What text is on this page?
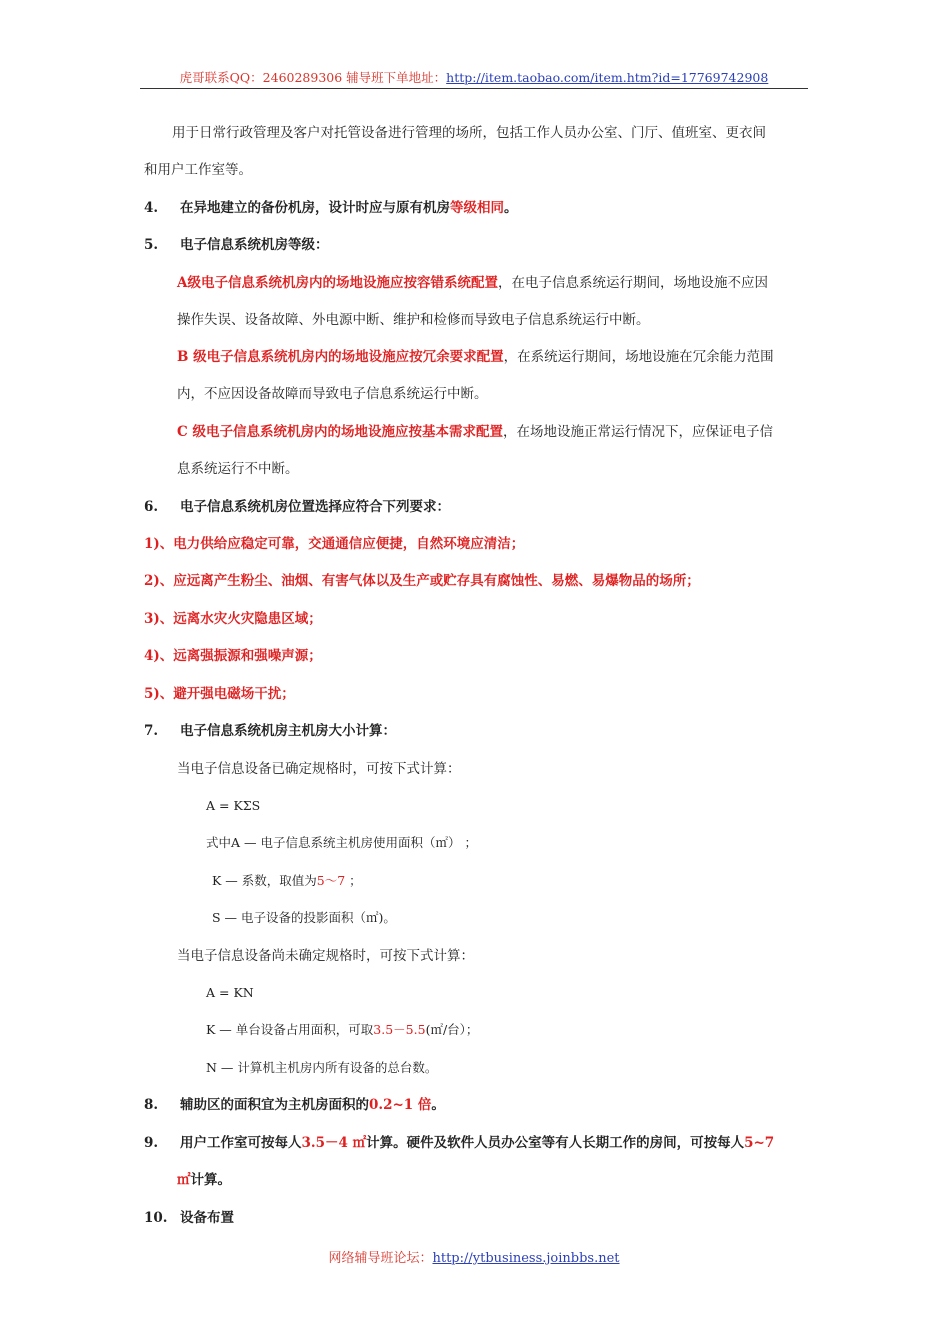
虎哥联系QQ：2460289306 辅导班下单地址：http://item.taobao.com/item.htm?id=17769742908
用于日常行政管理及客户对托管设备进行管理的场所，包括工作人员办公室、门厅、值班室、更衣间
和用户工作室等。
4. 在异地建立的备份机房，设计时应与原有机房等级相同。
5. 电子信息系统机房等级：
A级电子信息系统机房内的场地设施应按容错系统配置，在电子信息系统运行期间，场地设施不应因
操作失误、设备故障、外电源中断、维护和检修而导致电子信息系统运行中断。
B 级电子信息系统机房内的场地设施应按冗余要求配置，在系统运行期间，场地设施在冗余能力范围
内，不应因设备故障而导致电子信息系统运行中断。
C 级电子信息系统机房内的场地设施应按基本需求配置，在场地设施正常运行情况下，应保证电子信
息系统运行不中断。
6. 电子信息系统机房位置选择应符合下列要求：
1)、电力供给应稳定可靠，交通通信应便捷，自然环境应清洁；
2)、应远离产生粉尘、油烟、有害气体以及生产或贮存具有腐蚀性、易燃、易爆物品的场所；
3)、远离水灾火灾隐患区域；
4)、远离强振源和强噪声源；
5)、避开强电磁场干扰；
7. 电子信息系统机房主机房大小计算：
当电子信息设备已确定规格时，可按下式计算：
A = KΣS
式中A — 电子信息系统主机房使用面积（㎡） ；
K — 系数，取值为5～7 ；
S — 电子设备的投影面积（㎡)。
当电子信息设备尚未确定规格时，可按下式计算：
A = KN
K — 单台设备占用面积，可取3.5－5.5(㎡/台）；
N — 计算机主机房内所有设备的总台数。
8. 辅助区的面积宜为主机房面积的0.2~1 倍。
9. 用户工作室可按每人3.5－4 ㎡计算。硬件及软件人员办公室等有人长期工作的房间，可按每人5~7
㎡计算。
10. 设备布置
网络辅导班论坛：http://ytbusiness.joinbbs.net
